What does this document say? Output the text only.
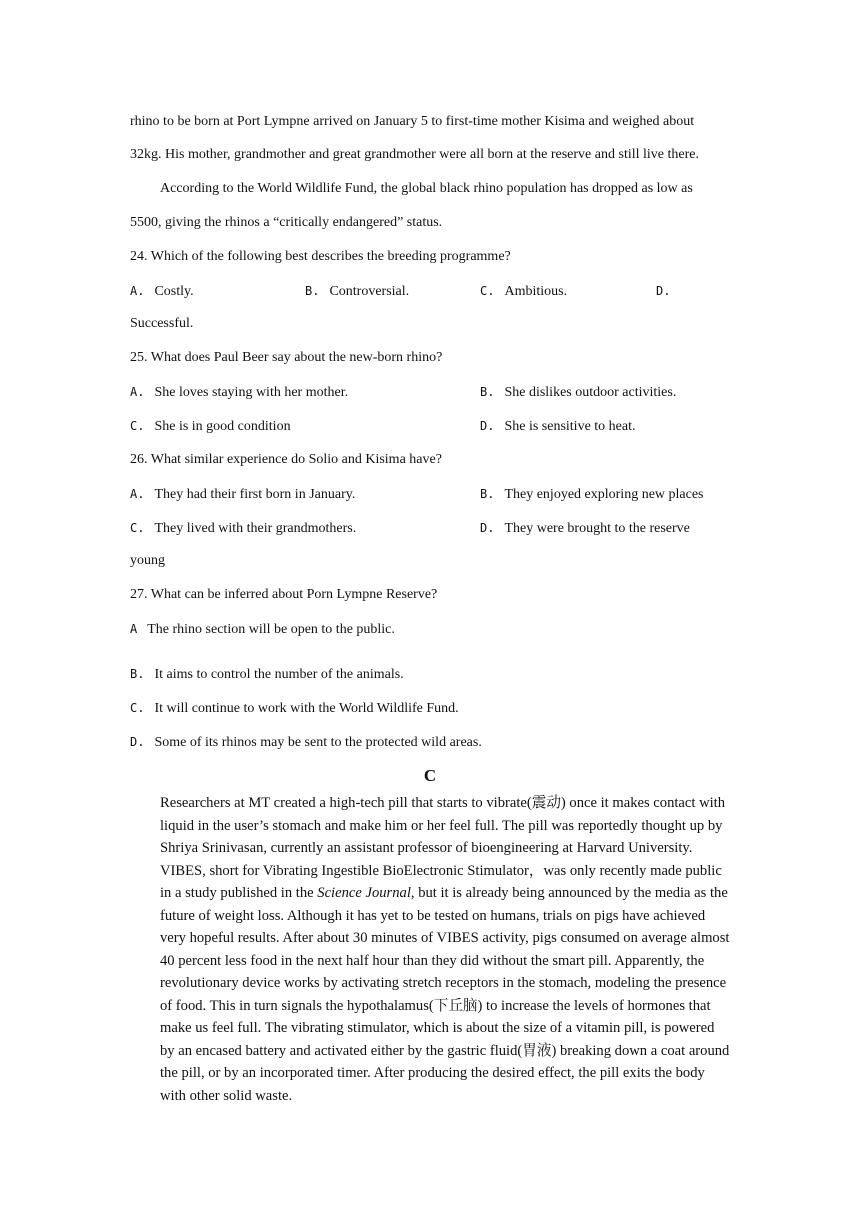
rhino to be born at Port Lympne arrived on January 5 to first-time mother Kisima and weighed about
32kg. His mother, grandmother and great grandmother were all born at the reserve and still live there.
According to the World Wildlife Fund, the global black rhino population has dropped as low as
5500, giving the rhinos a “critically endangered” status.
24. Which of the following best describes the breeding programme?
A. Costly.	B. Controversial.	C. Ambitious.	D.
Successful.
25. What does Paul Beer say about the new-born rhino?
A. She loves staying with her mother.	B. She dislikes outdoor activities.
C. She is in good condition	D. She is sensitive to heat.
26. What similar experience do Solio and Kisima have?
A. They had their first born in January.	B. They enjoyed exploring new places
C. They lived with their grandmothers.	D. They were brought to the reserve
young
27. What can be inferred about Porn Lympne Reserve?
A The rhino section will be open to the public.
B. It aims to control the number of the animals.
C. It will continue to work with the World Wildlife Fund.
D. Some of its rhinos may be sent to the protected wild areas.
C

Researchers at MT created a high-tech pill that starts to vibrate(震动) once it makes contact with liquid in the user’s stomach and make him or her feel full. The pill was reportedly thought up by Shriya Srinivasan, currently an assistant professor of bioengineering at Harvard University.

VIBES, short for Vibrating Ingestible BioElectronic Stimulator，was only recently made public in a study published in the Science Journal, but it is already being announced by the media as the future of weight loss. Although it has yet to be tested on humans, trials on pigs have achieved very hopeful results. After about 30 minutes of VIBES activity, pigs consumed on average almost 40 percent less food in the next half hour than they did without the smart pill. Apparently, the revolutionary device works by activating stretch receptors in the stomach, modeling the presence of food. This in turn signals the hypothalamus(下丘脑) to increase the levels of hormones that make us feel full. The vibrating stimulator, which is about the size of a vitamin pill, is powered by an encased battery and activated either by the gastric fluid(胃液) breaking down a coat around the pill, or by an incorporated timer. After producing the desired effect, the pill exits the body with other solid waste.
